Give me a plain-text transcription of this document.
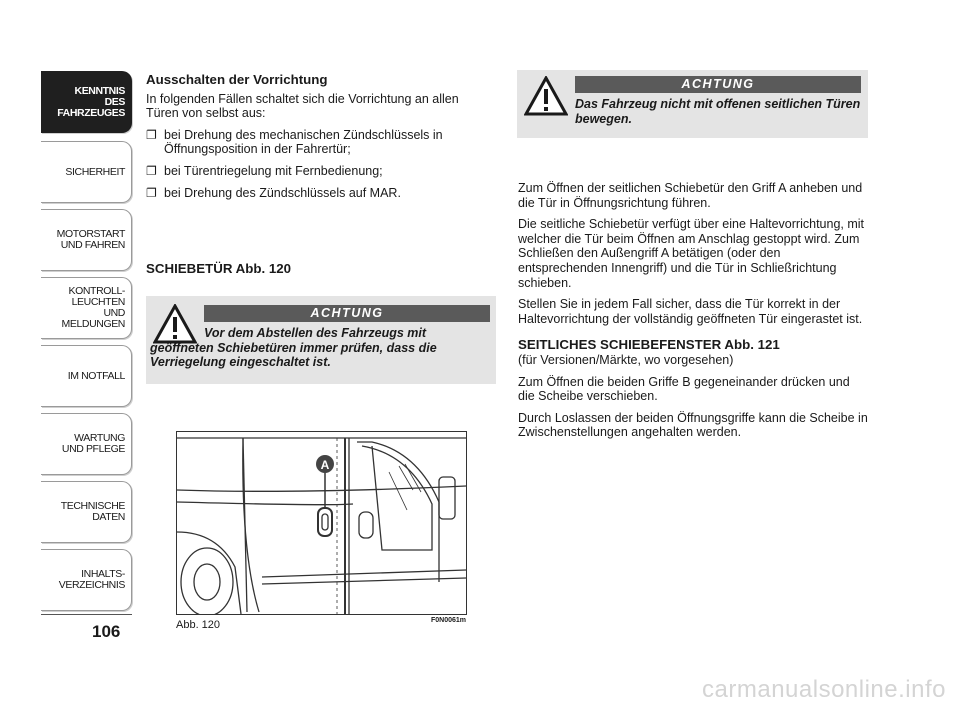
KENNTNIS
DES FAHRZEUGES
SICHERHEIT
MOTORSTART
UND FAHREN
KONTROLL-
LEUCHTEN
UND MELDUNGEN
IM NOTFALL
WARTUNG
UND PFLEGE
TECHNISCHE
DATEN
INHALTS-
VERZEICHNIS
106
Ausschalten der Vorrichtung
In folgenden Fällen schaltet sich die Vorrichtung an allen Türen von selbst aus:
❐ bei Drehung des mechanischen Zündschlüssels in Öffnungsposition in der Fahrertür;
❐ bei Türentriegelung mit Fernbedienung;
❐ bei Drehung des Zündschlüssels auf MAR.
SCHIEBETÜR Abb. 120
ACHTUNG
Vor dem Abstellen des Fahrzeugs mit geöffneten Schiebetüren immer prüfen, dass die Verriegelung eingeschaltet ist.
A
Abb. 120	F0N0061m
ACHTUNG
Das Fahrzeug nicht mit offenen seitlichen Türen bewegen.
Zum Öffnen der seitlichen Schiebetür den Griff A anheben und die Tür in Öffnungsrichtung führen.
Die seitliche Schiebetür verfügt über eine Haltevorrichtung, mit welcher die Tür beim Öffnen am Anschlag gestoppt wird. Zum Schließen den Außengriff A betätigen (oder den entsprechenden Innengriff) und die Tür in Schließrichtung schieben.
Stellen Sie in jedem Fall sicher, dass die Tür korrekt in der Haltevorrichtung der vollständig geöffneten Tür eingerastet ist.
SEITLICHES SCHIEBEFENSTER Abb. 121
(für Versionen/Märkte, wo vorgesehen)
Zum Öffnen die beiden Griffe B gegeneinander drücken und die Scheibe verschieben.
Durch Loslassen der beiden Öffnungsgriffe kann die Scheibe in Zwischenstellungen angehalten werden.
carmanualsonline.info
